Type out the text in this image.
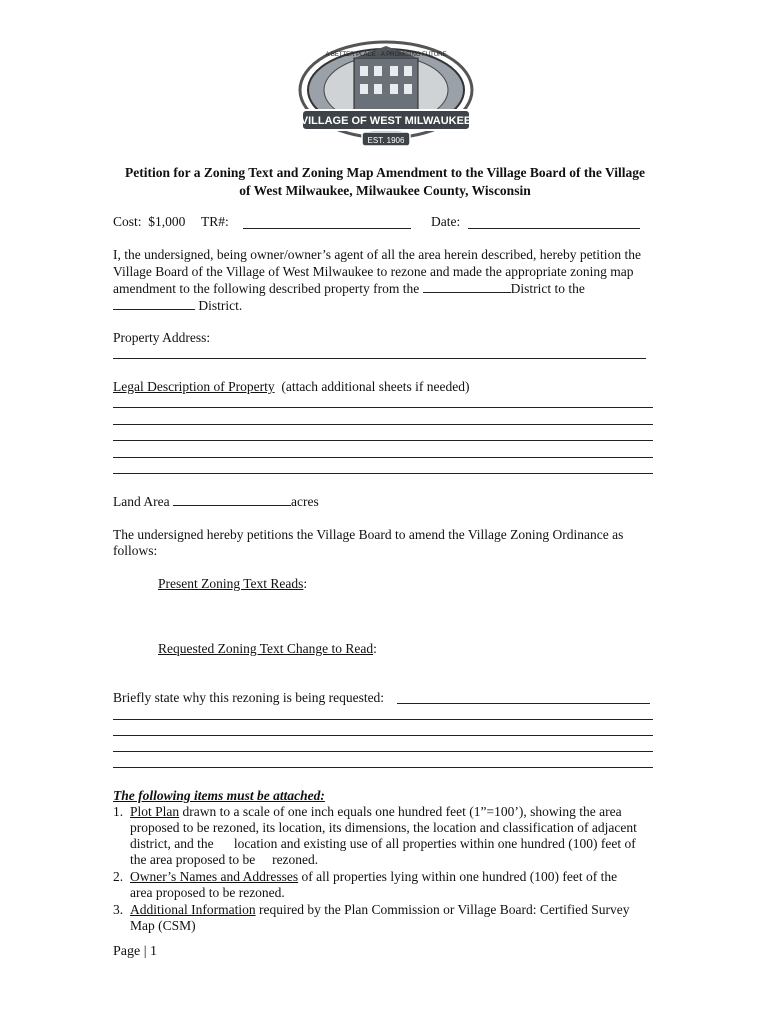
A BETTER PLACE · A PROMISING FUTURE
VILLAGE OF WEST MILWAUKEE
EST. 1906
Petition for a Zoning Text and Zoning Map Amendment to the Village Board of the Village
of West Milwaukee, Milwaukee County, Wisconsin
Cost: $1,000 TR#:	Date:
I, the undersigned, being owner/owner’s agent of all the area herein described, hereby petition the
Village Board of the Village of West Milwaukee to rezone and made the appropriate zoning map
amendment to the following described property from the	District to the
District.
Property Address:
Legal Description of Property (attach additional sheets if needed)
Land Area	acres
The undersigned hereby petitions the Village Board to amend the Village Zoning Ordinance as
follows:
Present Zoning Text Reads:
Requested Zoning Text Change to Read:
Briefly state why this rezoning is being requested:
The following items must be attached:
1. Plot Plan drawn to a scale of one inch equals one hundred feet (1”=100’), showing the area
proposed to be rezoned, its location, its dimensions, the location and classification of adjacent
district, and the      location and existing use of all properties within one hundred (100) feet of
the area proposed to be     rezoned.
2. Owner’s Names and Addresses of all properties lying within one hundred (100) feet of the
area proposed to be rezoned.
3. Additional Information required by the Plan Commission or Village Board: Certified Survey
Map (CSM)
Page | 1
